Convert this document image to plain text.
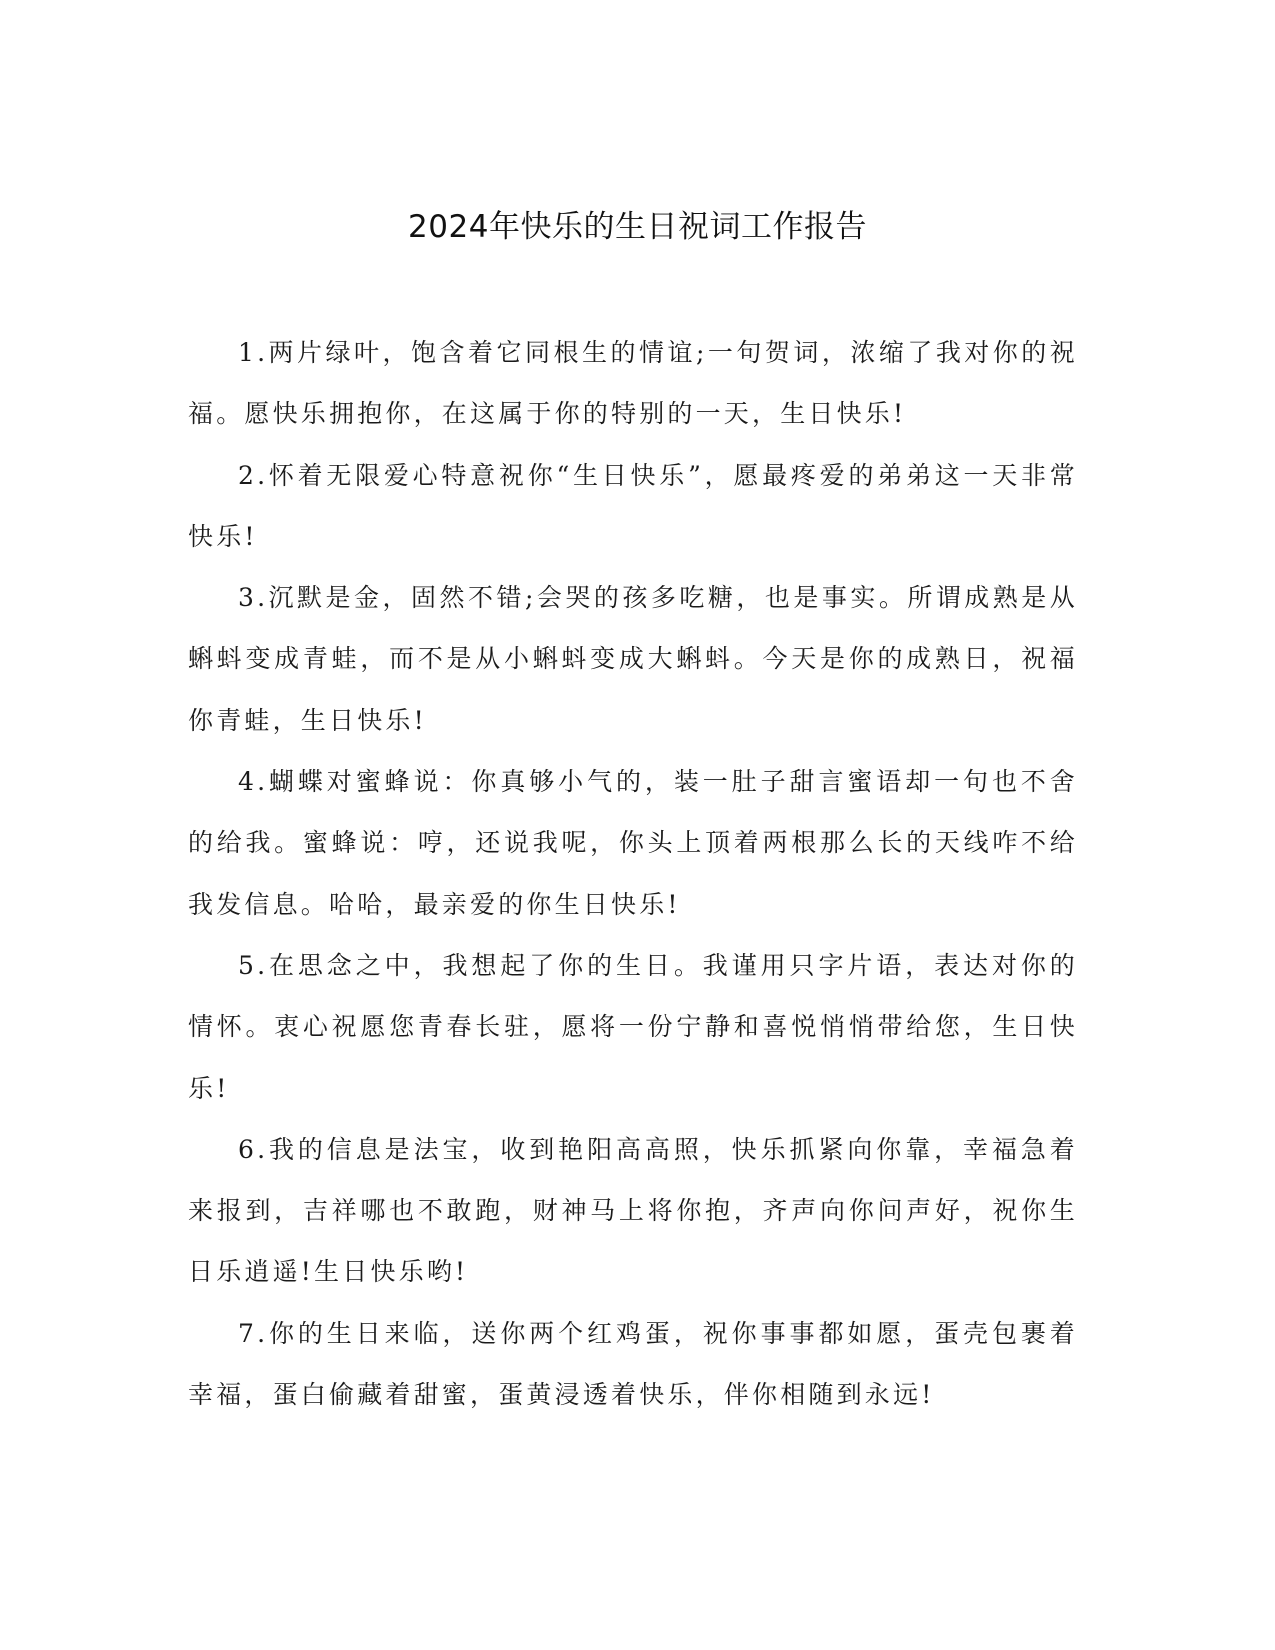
2024年快乐的生日祝词工作报告

1.两片绿叶，饱含着它同根生的情谊;一句贺词，浓缩了我对你的祝福。愿快乐拥抱你，在这属于你的特别的一天，生日快乐!

2.怀着无限爱心特意祝你“生日快乐”，愿最疼爱的弟弟这一天非常快乐!

3.沉默是金，固然不错;会哭的孩多吃糖，也是事实。所谓成熟是从蝌蚪变成青蛙，而不是从小蝌蚪变成大蝌蚪。今天是你的成熟日，祝福你青蛙，生日快乐!

4.蝴蝶对蜜蜂说：你真够小气的，装一肚子甜言蜜语却一句也不舍的给我。蜜蜂说：哼，还说我呢，你头上顶着两根那么长的天线咋不给我发信息。哈哈，最亲爱的你生日快乐!

5.在思念之中，我想起了你的生日。我谨用只字片语，表达对你的情怀。衷心祝愿您青春长驻，愿将一份宁静和喜悦悄悄带给您，生日快乐!

6.我的信息是法宝，收到艳阳高高照，快乐抓紧向你靠，幸福急着来报到，吉祥哪也不敢跑，财神马上将你抱，齐声向你问声好，祝你生日乐逍遥!生日快乐哟!

7.你的生日来临，送你两个红鸡蛋，祝你事事都如愿，蛋壳包裹着幸福，蛋白偷藏着甜蜜，蛋黄浸透着快乐，伴你相随到永远!
